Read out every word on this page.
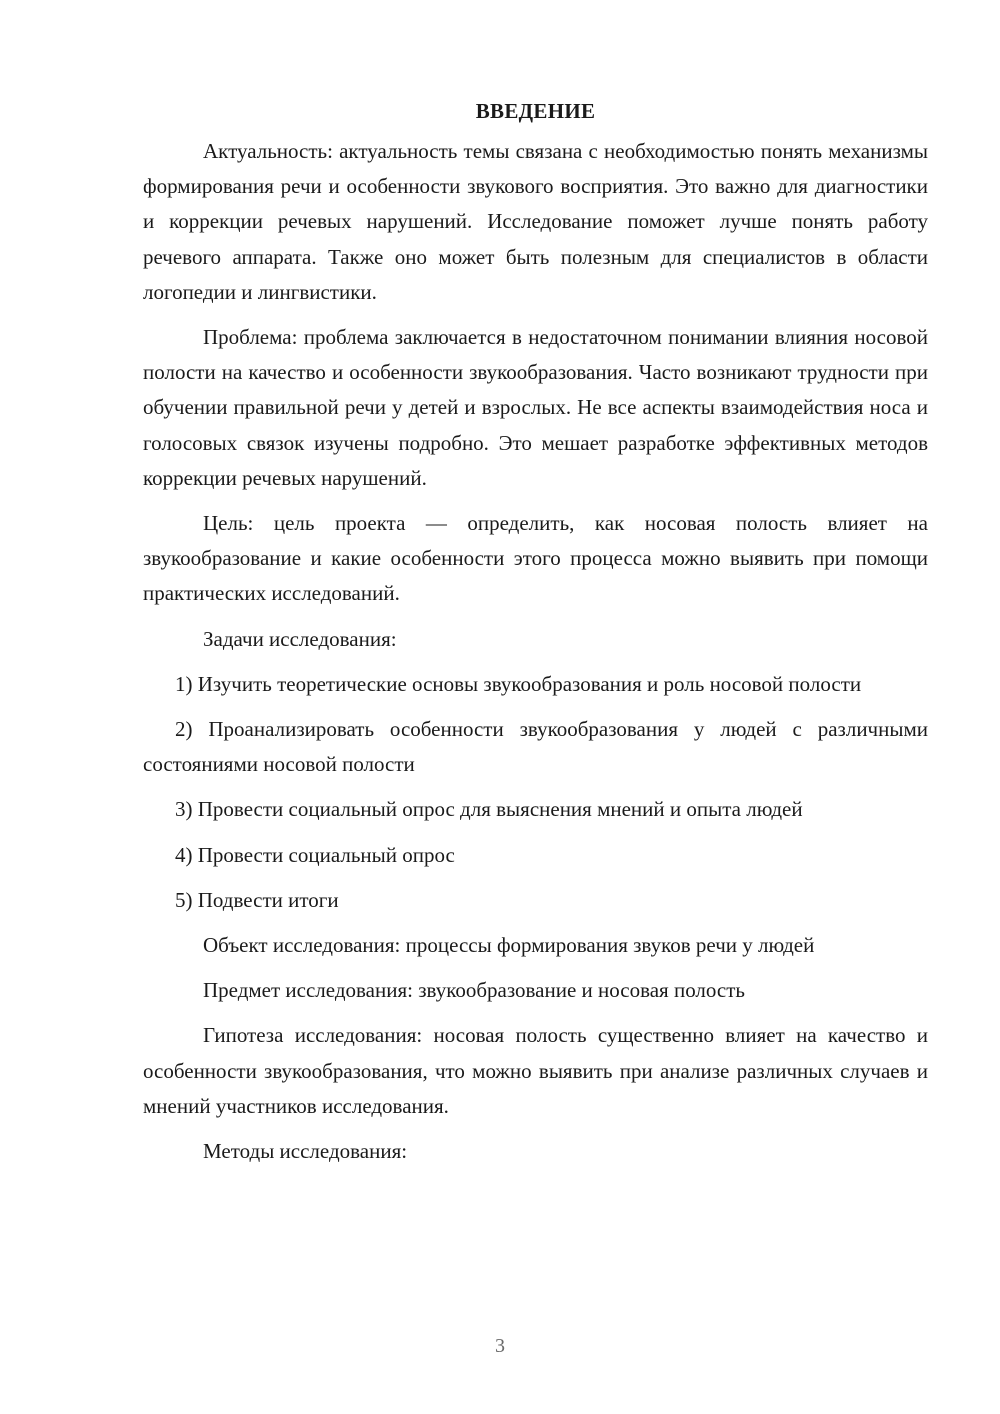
ВВЕДЕНИЕ

Актуальность: актуальность темы связана с необходимостью понять механизмы формирования речи и особенности звукового восприятия. Это важно для диагностики и коррекции речевых нарушений. Исследование поможет лучше понять работу речевого аппарата. Также оно может быть полезным для специалистов в области логопедии и лингвистики.

Проблема: проблема заключается в недостаточном понимании влияния носовой полости на качество и особенности звукообразования. Часто возникают трудности при обучении правильной речи у детей и взрослых. Не все аспекты взаимодействия носа и голосовых связок изучены подробно. Это мешает разработке эффективных методов коррекции речевых нарушений.

Цель: цель проекта — определить, как носовая полость влияет на звукообразование и какие особенности этого процесса можно выявить при помощи практических исследований.

Задачи исследования:

1) Изучить теоретические основы звукообразования и роль носовой полости

2) Проанализировать особенности звукообразования у людей с различными состояниями носовой полости

3) Провести социальный опрос для выяснения мнений и опыта людей

4) Провести социальный опрос

5) Подвести итоги

Объект исследования: процессы формирования звуков речи у людей

Предмет исследования: звукообразование и носовая полость

Гипотеза исследования: носовая полость существенно влияет на качество и особенности звукообразования, что можно выявить при анализе различных случаев и мнений участников исследования.

Методы исследования:

3
